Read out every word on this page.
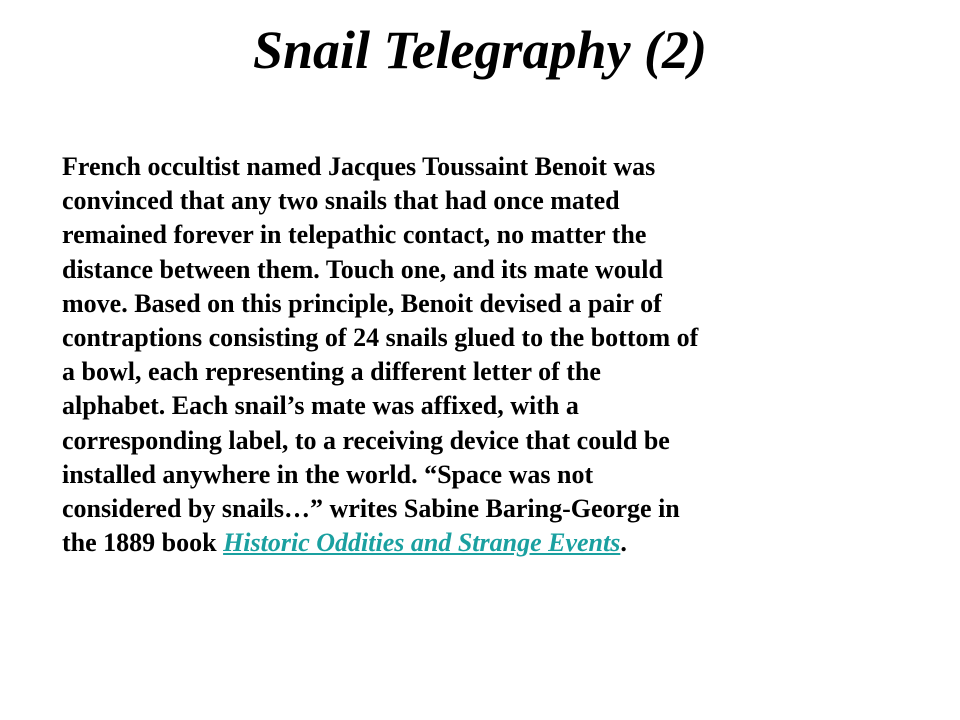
Snail Telegraphy (2)
French occultist named Jacques Toussaint Benoit was
convinced that any two snails that had once mated
remained forever in telepathic contact, no matter the
distance between them. Touch one, and its mate would
move. Based on this principle, Benoit devised a pair of
contraptions consisting of 24 snails glued to the bottom of
a bowl, each representing a different letter of the
alphabet. Each snail’s mate was affixed, with a
corresponding label, to a receiving device that could be
installed anywhere in the world. “Space was not
considered by snails…” writes Sabine Baring-George in
the 1889 book Historic Oddities and Strange Events.
